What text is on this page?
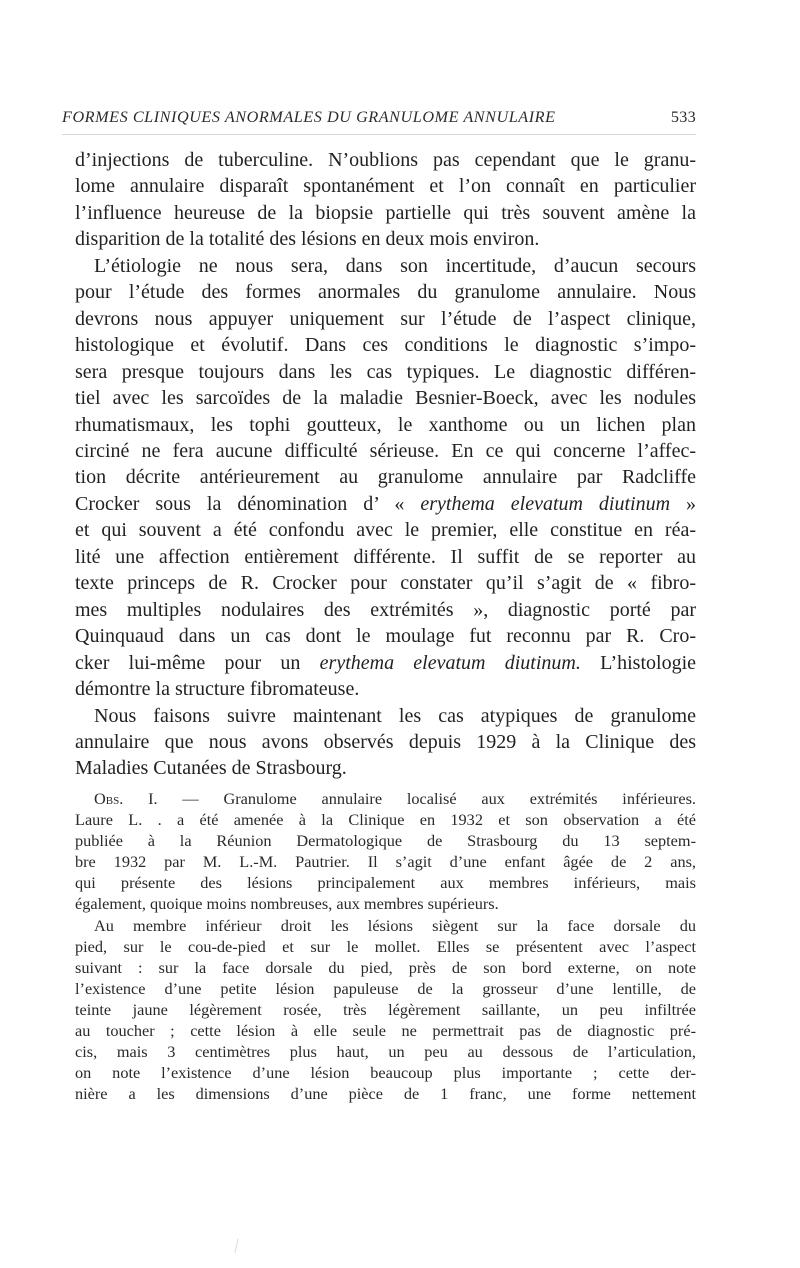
FORMES CLINIQUES ANORMALES DU GRANULOME ANNULAIRE	533

d’injections de tuberculine. N’oublions pas cependant que le granu-
lome annulaire disparaît spontanément et l’on connaît en particulier
l’influence heureuse de la biopsie partielle qui très souvent amène la
disparition de la totalité des lésions en deux mois environ.

L’étiologie ne nous sera, dans son incertitude, d’aucun secours
pour l’étude des formes anormales du granulome annulaire. Nous
devrons nous appuyer uniquement sur l’étude de l’aspect clinique,
histologique et évolutif. Dans ces conditions le diagnostic s’impo-
sera presque toujours dans les cas typiques. Le diagnostic différen-
tiel avec les sarcoïdes de la maladie Besnier-Boeck, avec les nodules
rhumatismaux, les tophi goutteux, le xanthome ou un lichen plan
circiné ne fera aucune difficulté sérieuse. En ce qui concerne l’affec-
tion décrite antérieurement au granulome annulaire par Radcliffe
Crocker sous la dénomination d’ « erythema elevatum diutinum »
et qui souvent a été confondu avec le premier, elle constitue en réa-
lité une affection entièrement différente. Il suffit de se reporter au
texte princeps de R. Crocker pour constater qu’il s’agit de « fibro-
mes multiples nodulaires des extrémités », diagnostic porté par
Quinquaud dans un cas dont le moulage fut reconnu par R. Cro-
cker lui-même pour un erythema elevatum diutinum. L’histologie
démontre la structure fibromateuse.

Nous faisons suivre maintenant les cas atypiques de granulome
annulaire que nous avons observés depuis 1929 à la Clinique des
Maladies Cutanées de Strasbourg.

Obs. I. — Granulome annulaire localisé aux extrémités inférieures.
Laure L. . a été amenée à la Clinique en 1932 et son observation a été
publiée à la Réunion Dermatologique de Strasbourg du 13 septem-
bre 1932 par M. L.-M. Pautrier. Il s’agit d’une enfant âgée de 2 ans,
qui présente des lésions principalement aux membres inférieurs, mais
également, quoique moins nombreuses, aux membres supérieurs.

Au membre inférieur droit les lésions siègent sur la face dorsale du
pied, sur le cou-de-pied et sur le mollet. Elles se présentent avec l’aspect
suivant : sur la face dorsale du pied, près de son bord externe, on note
l’existence d’une petite lésion papuleuse de la grosseur d’une lentille, de
teinte jaune légèrement rosée, très légèrement saillante, un peu infiltrée
au toucher ; cette lésion à elle seule ne permettrait pas de diagnostic pré-
cis, mais 3 centimètres plus haut, un peu au dessous de l’articulation,
on note l’existence d’une lésion beaucoup plus importante ; cette der-
nière a les dimensions d’une pièce de 1 franc, une forme nettement
